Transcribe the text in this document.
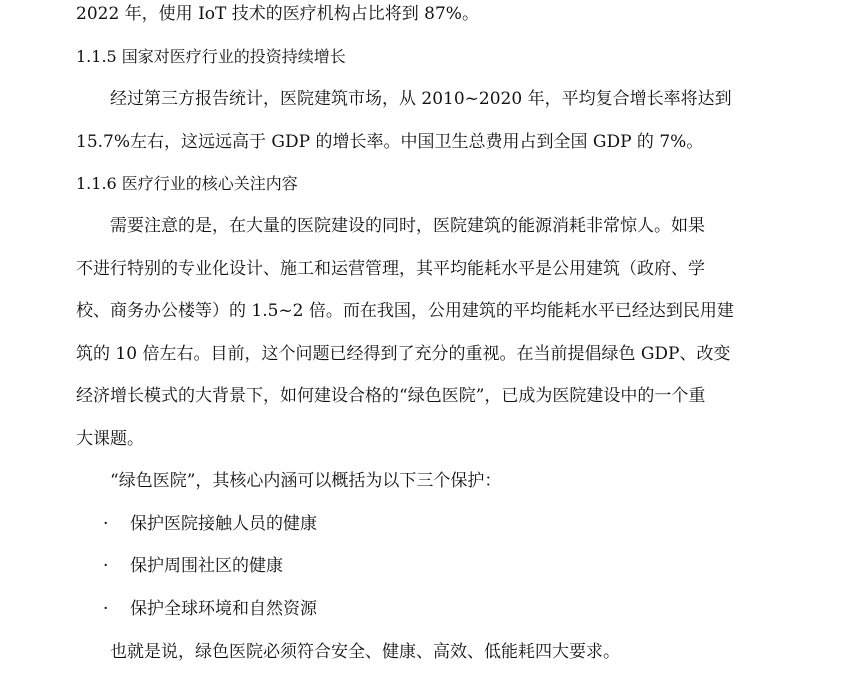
2022 年，使用 IoT 技术的医疗机构占比将到 87%。
1.1.5 国家对医疗行业的投资持续增长
经过第三方报告统计，医院建筑市场，从 2010~2020 年，平均复合增长率将达到
15.7%左右，这远远高于 GDP 的增长率。中国卫生总费用占到全国 GDP 的 7%。
1.1.6 医疗行业的核心关注内容
需要注意的是，在大量的医院建设的同时，医院建筑的能源消耗非常惊人。如果
不进行特别的专业化设计、施工和运营管理，其平均能耗水平是公用建筑（政府、学
校、商务办公楼等）的 1.5~2 倍。而在我国，公用建筑的平均能耗水平已经达到民用建
筑的 10 倍左右。目前，这个问题已经得到了充分的重视。在当前提倡绿色 GDP、改变
经济增长模式的大背景下，如何建设合格的“绿色医院”，已成为医院建设中的一个重
大课题。
“绿色医院”，其核心内涵可以概括为以下三个保护：
· 保护医院接触人员的健康
· 保护周围社区的健康
· 保护全球环境和自然资源
也就是说，绿色医院必须符合安全、健康、高效、低能耗四大要求。
